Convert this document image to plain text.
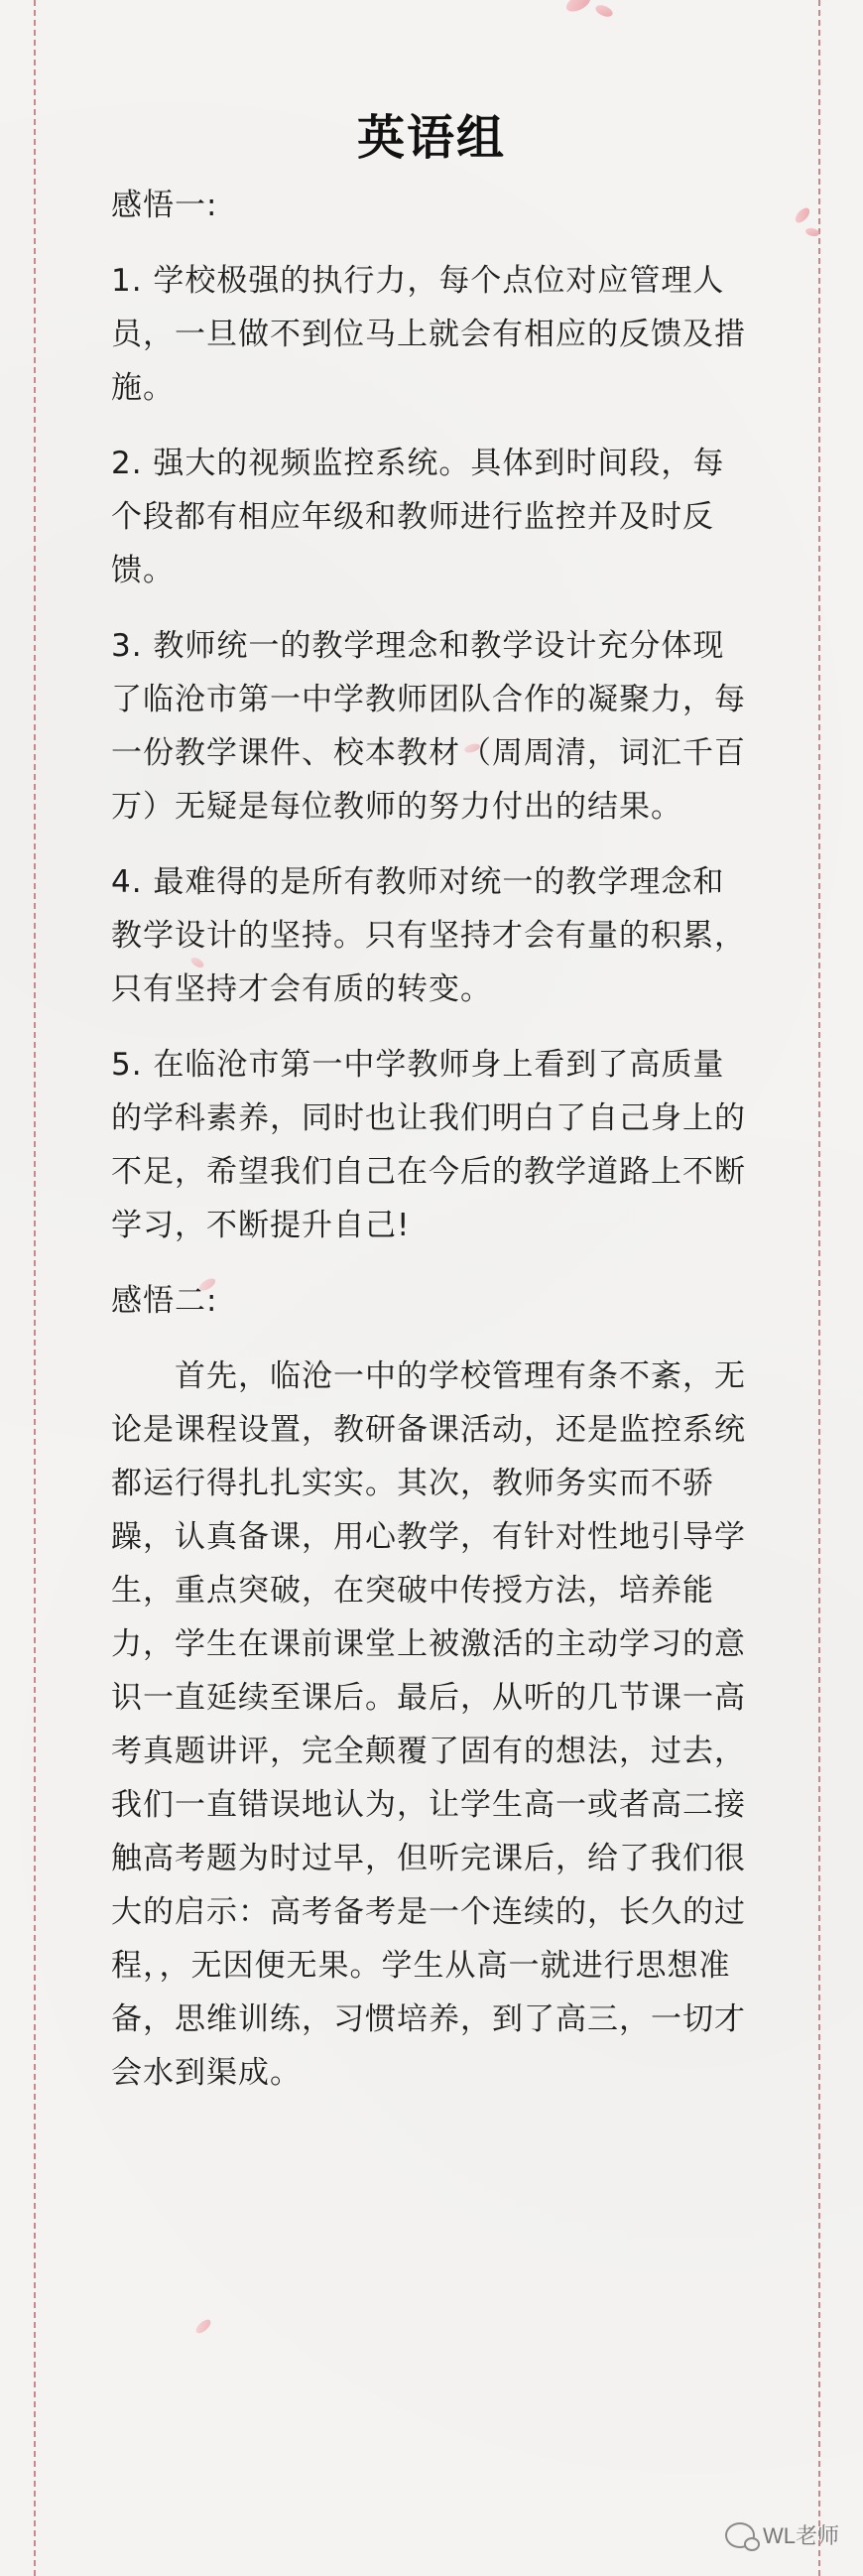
英语组

感悟一:

1. 学校极强的执行力，每个点位对应管理人员，一旦做不到位马上就会有相应的反馈及措施。

2. 强大的视频监控系统。具体到时间段，每个段都有相应年级和教师进行监控并及时反馈。

3. 教师统一的教学理念和教学设计充分体现了临沧市第一中学教师团队合作的凝聚力，每一份教学课件、校本教材（周周清，词汇千百万）无疑是每位教师的努力付出的结果。

4. 最难得的是所有教师对统一的教学理念和教学设计的坚持。只有坚持才会有量的积累，只有坚持才会有质的转变。

5. 在临沧市第一中学教师身上看到了高质量的学科素养，同时也让我们明白了自己身上的不足，希望我们自己在今后的教学道路上不断学习，不断提升自己!

感悟二:

首先，临沧一中的学校管理有条不紊，无论是课程设置，教研备课活动，还是监控系统都运行得扎扎实实。其次，教师务实而不骄躁，认真备课，用心教学，有针对性地引导学生，重点突破，在突破中传授方法，培养能力，学生在课前课堂上被激活的主动学习的意识一直延续至课后。最后，从听的几节课一高考真题讲评，完全颠覆了固有的想法，过去，我们一直错误地认为，让学生高一或者高二接触高考题为时过早，但听完课后，给了我们很大的启示：高考备考是一个连续的，长久的过程，，无因便无果。学生从高一就进行思想准备，思维训练，习惯培养，到了高三，一切才会水到渠成。

WL老师
